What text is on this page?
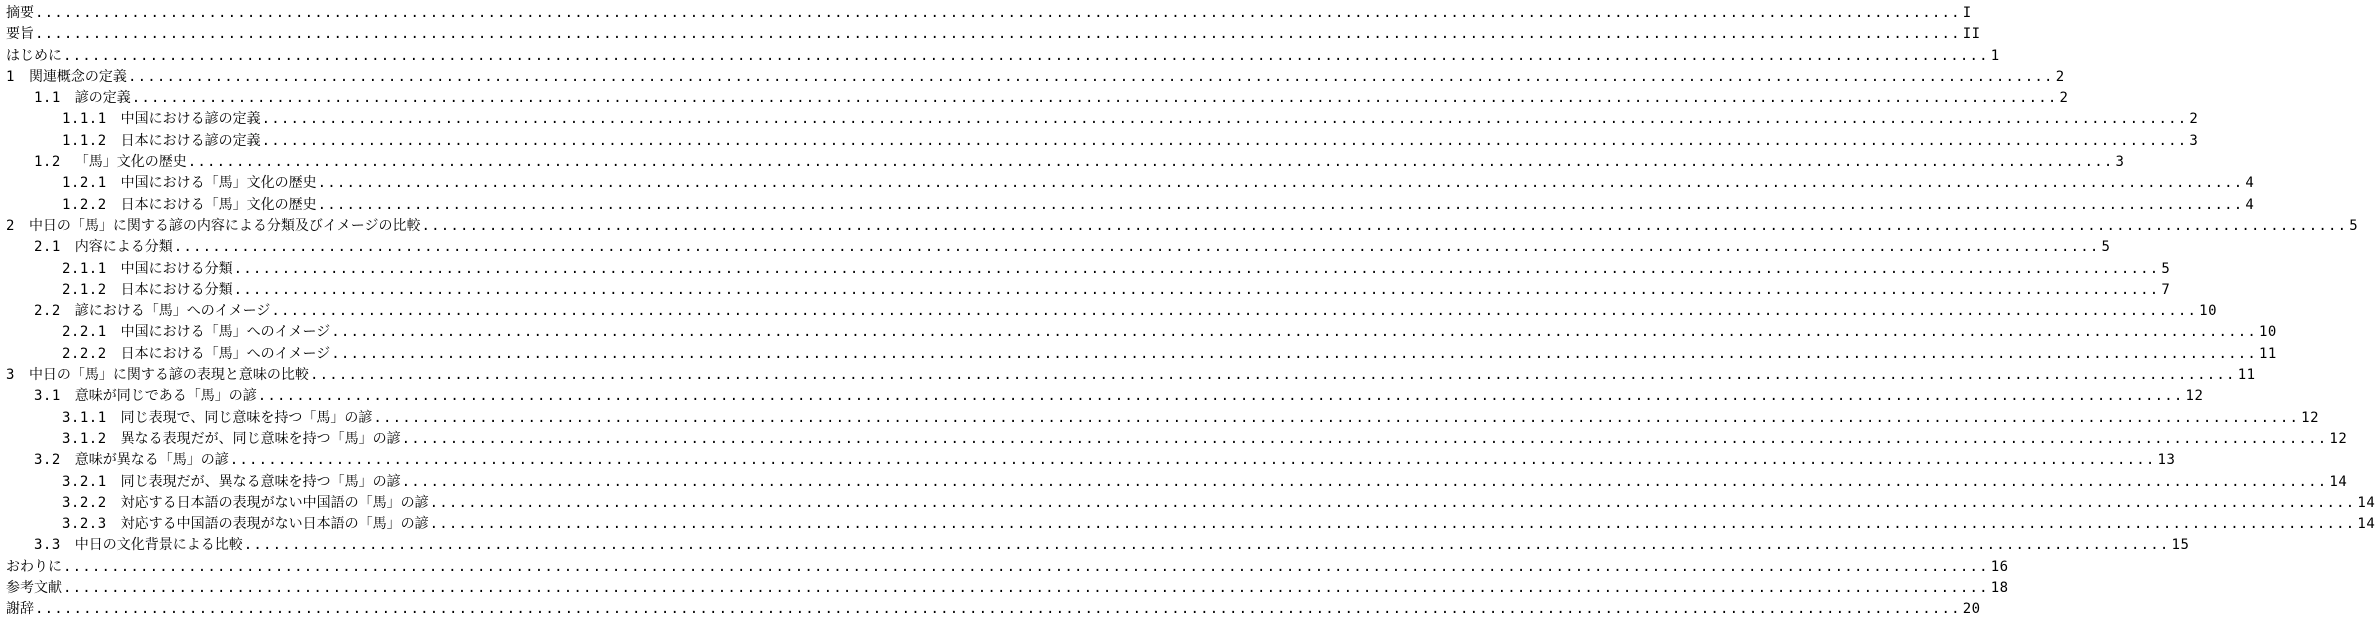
摘要 ........................................................................................................................................................................................................ I
要旨 ........................................................................................................................................................................................................ II
はじめに ........................................................................................................................................................................................................ 1
1 関連概念の定義 ........................................................................................................................................................................................................ 2
1.1 諺の定義 ........................................................................................................................................................................................................ 2
1.1.1 中国における諺の定義 ........................................................................................................................................................................................................ 2
1.1.2 日本における諺の定義 ........................................................................................................................................................................................................ 3
1.2 「馬」文化の歴史 ........................................................................................................................................................................................................ 3
1.2.1 中国における「馬」文化の歴史 ........................................................................................................................................................................................................ 4
1.2.2 日本における「馬」文化の歴史 ........................................................................................................................................................................................................ 4
2 中日の「馬」に関する諺の内容による分類及びイメージの比較 ........................................................................................................................................................................................................ 5
2.1 内容による分類 ........................................................................................................................................................................................................ 5
2.1.1 中国における分類 ........................................................................................................................................................................................................ 5
2.1.2 日本における分類 ........................................................................................................................................................................................................ 7
2.2 諺における「馬」へのイメージ ........................................................................................................................................................................................................ 10
2.2.1 中国における「馬」へのイメージ ........................................................................................................................................................................................................ 10
2.2.2 日本における「馬」へのイメージ ........................................................................................................................................................................................................ 11
3 中日の「馬」に関する諺の表現と意味の比較 ........................................................................................................................................................................................................ 11
3.1 意味が同じである「馬」の諺 ........................................................................................................................................................................................................ 12
3.1.1 同じ表現で、同じ意味を持つ「馬」の諺 ........................................................................................................................................................................................................ 12
3.1.2 異なる表現だが、同じ意味を持つ「馬」の諺 ........................................................................................................................................................................................................ 12
3.2 意味が異なる「馬」の諺 ........................................................................................................................................................................................................ 13
3.2.1 同じ表現だが、異なる意味を持つ「馬」の諺 ........................................................................................................................................................................................................ 14
3.2.2 対応する日本語の表現がない中国語の「馬」の諺 ........................................................................................................................................................................................................ 14
3.2.3 対応する中国語の表現がない日本語の「馬」の諺 ........................................................................................................................................................................................................ 14
3.3 中日の文化背景による比較 ........................................................................................................................................................................................................ 15
おわりに ........................................................................................................................................................................................................ 16
参考文献 ........................................................................................................................................................................................................ 18
謝辞 ........................................................................................................................................................................................................ 20
